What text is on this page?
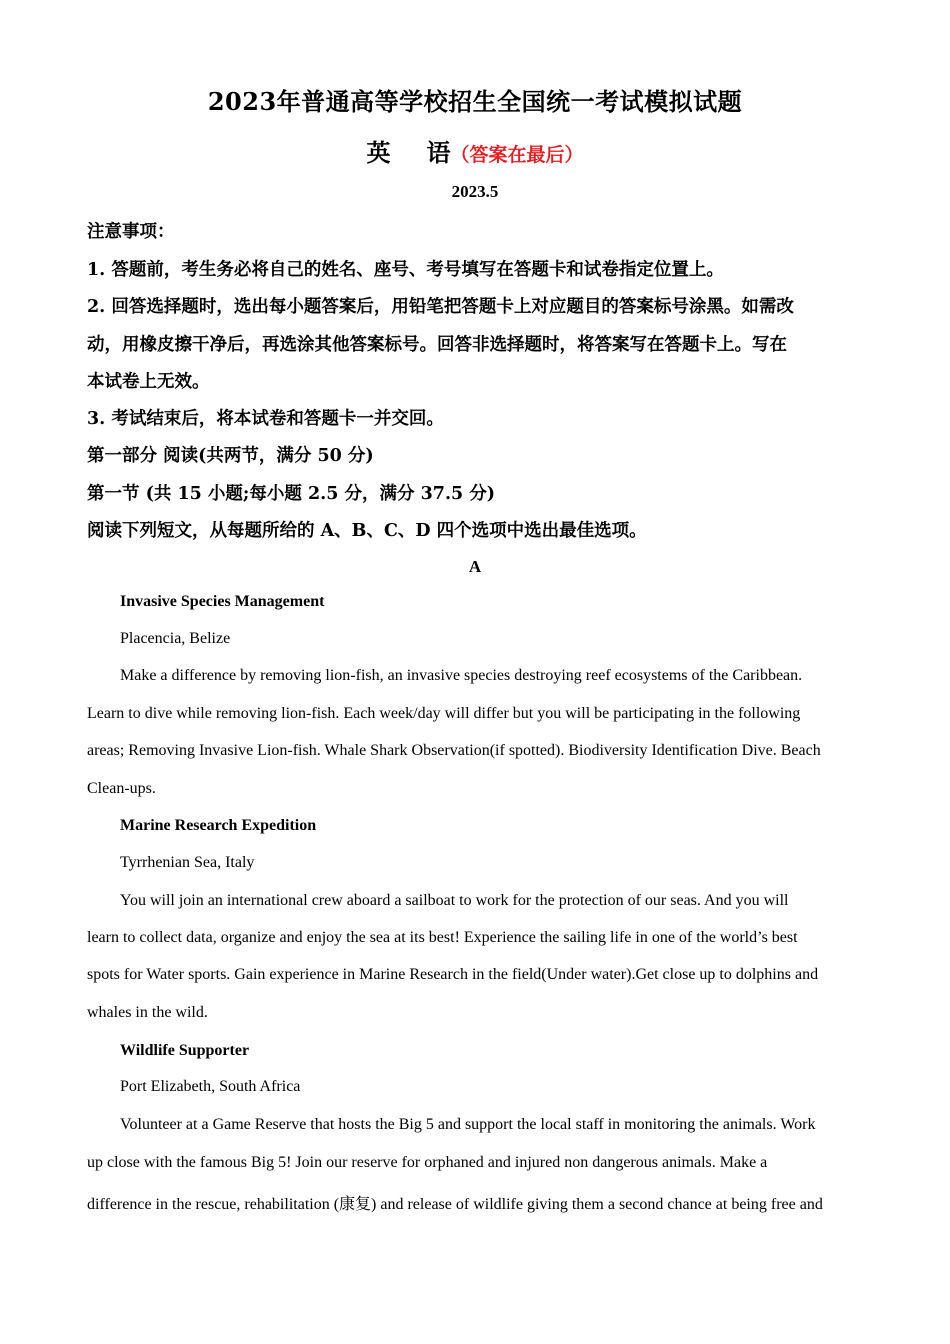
2023年普通高等学校招生全国统一考试模拟试题
英 语（答案在最后）
2023.5
注意事项：
1. 答题前，考生务必将自己的姓名、座号、考号填写在答题卡和试卷指定位置上。
2. 回答选择题时，选出每小题答案后，用铅笔把答题卡上对应题目的答案标号涂黑。如需改
动，用橡皮擦干净后，再选涂其他答案标号。回答非选择题时，将答案写在答题卡上。写在
本试卷上无效。
3. 考试结束后，将本试卷和答题卡一并交回。
第一部分 阅读(共两节，满分 50 分)
第一节 (共 15 小题;每小题 2.5 分，满分 37.5 分)
阅读下列短文，从每题所给的 A、B、C、D 四个选项中选出最佳选项。
A
Invasive Species Management
Placencia, Belize
Make a difference by removing lion-fish, an invasive species destroying reef ecosystems of the Caribbean.
Learn to dive while removing lion-fish. Each week/day will differ but you will be participating in the following
areas; Removing Invasive Lion-fish. Whale Shark Observation(if spotted). Biodiversity Identification Dive. Beach
Clean-ups.
Marine Research Expedition
Tyrrhenian Sea, Italy
You will join an international crew aboard a sailboat to work for the protection of our seas. And you will
learn to collect data, organize and enjoy the sea at its best! Experience the sailing life in one of the world’s best
spots for Water sports. Gain experience in Marine Research in the field(Under water).Get close up to dolphins and
whales in the wild.
Wildlife Supporter
Port Elizabeth, South Africa
Volunteer at a Game Reserve that hosts the Big 5 and support the local staff in monitoring the animals. Work
up close with the famous Big 5! Join our reserve for orphaned and injured non dangerous animals. Make a
difference in the rescue, rehabilitation (康复) and release of wildlife giving them a second chance at being free and
